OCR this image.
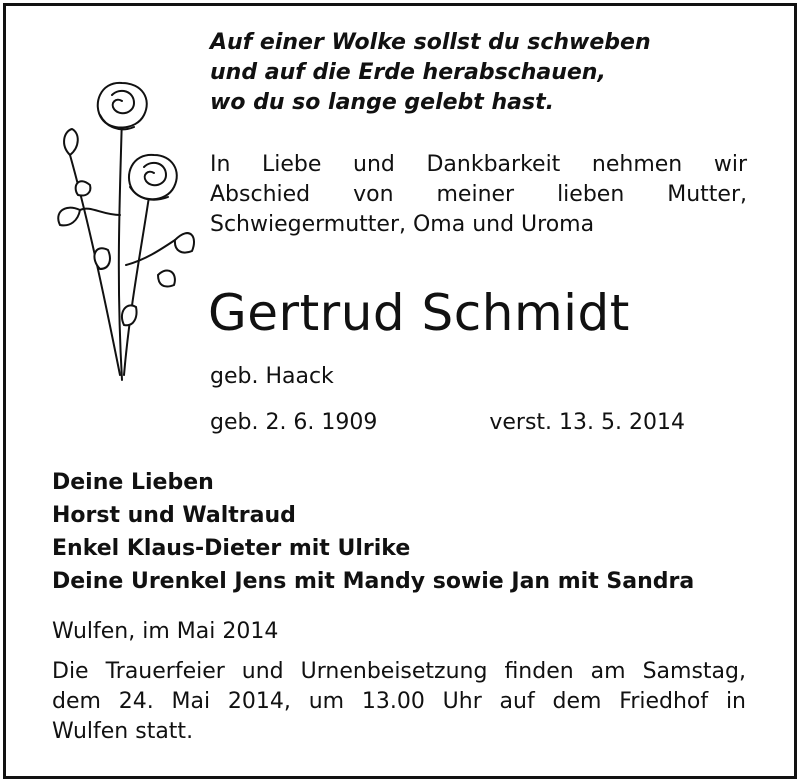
Auf einer Wolke sollst du schweben
und auf die Erde herabschauen,
wo du so lange gelebt hast.
In Liebe und Dankbarkeit nehmen wir
Abschied von meiner lieben Mutter,
Schwiegermutter, Oma und Uroma
Gertrud Schmidt
geb. Haack
geb. 2. 6. 1909	verst. 13. 5. 2014
Deine Lieben
Horst und Waltraud
Enkel Klaus-Dieter mit Ulrike
Deine Urenkel Jens mit Mandy sowie Jan mit Sandra
Wulfen, im Mai 2014
Die Trauerfeier und Urnenbeisetzung finden am Samstag,
dem 24. Mai 2014, um 13.00 Uhr auf dem Friedhof in
Wulfen statt.
